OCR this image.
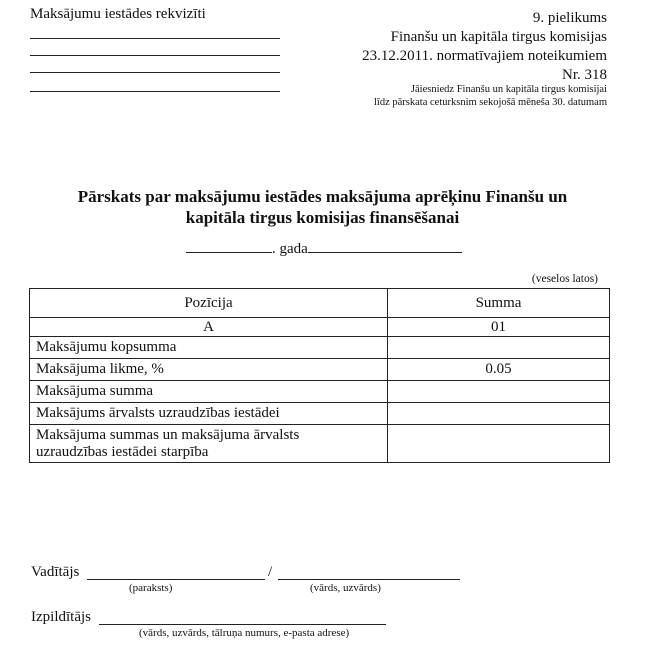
Maksājumu iestādes rekvizīti	9. pielikums
Finanšu un kapitāla tirgus komisijas
23.12.2011. normatīvajiem noteikumiem
Nr. 318
Jāiesniedz Finanšu un kapitāla tirgus komisijai
līdz pārskata ceturksnim sekojošā mēneša 30. datumam
Pārskats par maksājumu iestādes maksājuma aprēķinu Finanšu un
kapitāla tirgus komisijas finansēšanai
. gada
(veselos latos)
Pozīcija	Summa
A	01
Maksājumu kopsumma	
Maksājuma likme, %	0.05
Maksājuma summa	
Maksājums ārvalsts uzraudzības iestādei	

Maksājuma summas un maksājuma ārvalsts
uzraudzības iestādei starpība	

Vadītājs	/
(paraksts)	(vārds, uzvārds)
Izpildītājs
(vārds, uzvārds, tālruņa numurs, e-pasta adrese)
